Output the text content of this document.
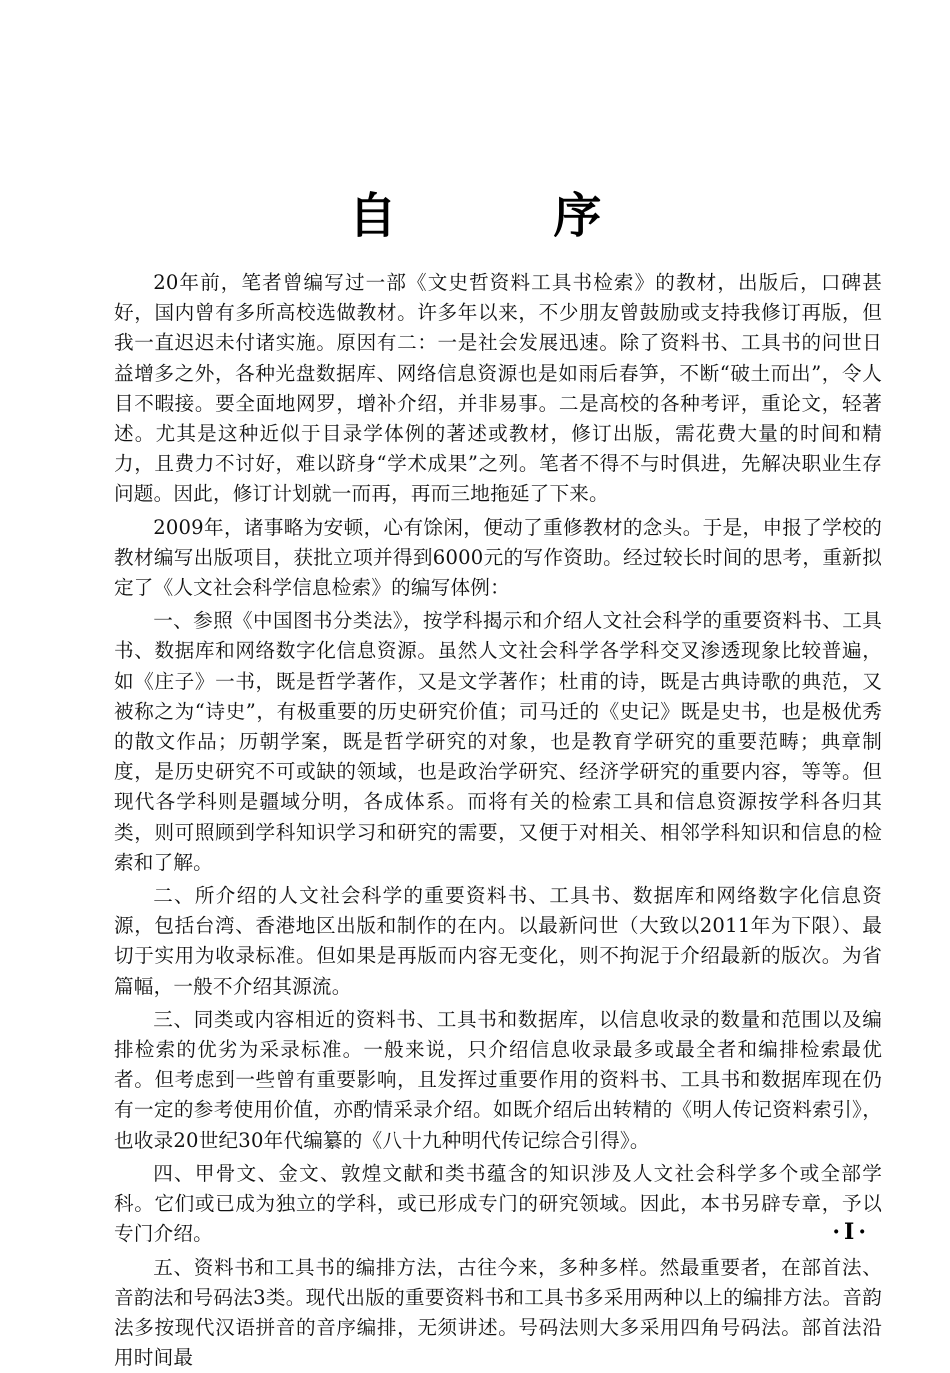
自 序

20年前，笔者曾编写过一部《文史哲资料工具书检索》的教材，出版后，口碑甚好，国内曾有多所高校选做教材。许多年以来，不少朋友曾鼓励或支持我修订再版，但我一直迟迟未付诸实施。原因有二：一是社会发展迅速。除了资料书、工具书的问世日益增多之外，各种光盘数据库、网络信息资源也是如雨后春笋，不断“破土而出”，令人目不暇接。要全面地网罗，增补介绍，并非易事。二是高校的各种考评，重论文，轻著述。尤其是这种近似于目录学体例的著述或教材，修订出版，需花费大量的时间和精力，且费力不讨好，难以跻身“学术成果”之列。笔者不得不与时俱进，先解决职业生存问题。因此，修订计划就一而再，再而三地拖延了下来。

2009年，诸事略为安顿，心有馀闲，便动了重修教材的念头。于是，申报了学校的教材编写出版项目，获批立项并得到6000元的写作资助。经过较长时间的思考，重新拟定了《人文社会科学信息检索》的编写体例：

一、参照《中国图书分类法》，按学科揭示和介绍人文社会科学的重要资料书、工具书、数据库和网络数字化信息资源。虽然人文社会科学各学科交叉渗透现象比较普遍，如《庄子》一书，既是哲学著作，又是文学著作；杜甫的诗，既是古典诗歌的典范，又被称之为“诗史”，有极重要的历史研究价值；司马迁的《史记》既是史书，也是极优秀的散文作品；历朝学案，既是哲学研究的对象，也是教育学研究的重要范畴；典章制度，是历史研究不可或缺的领域，也是政治学研究、经济学研究的重要内容，等等。但现代各学科则是疆域分明，各成体系。而将有关的检索工具和信息资源按学科各归其类，则可照顾到学科知识学习和研究的需要，又便于对相关、相邻学科知识和信息的检索和了解。

二、所介绍的人文社会科学的重要资料书、工具书、数据库和网络数字化信息资源，包括台湾、香港地区出版和制作的在内。以最新问世（大致以2011年为下限）、最切于实用为收录标准。但如果是再版而内容无变化，则不拘泥于介绍最新的版次。为省篇幅，一般不介绍其源流。

三、同类或内容相近的资料书、工具书和数据库，以信息收录的数量和范围以及编排检索的优劣为采录标准。一般来说，只介绍信息收录最多或最全者和编排检索最优者。但考虑到一些曾有重要影响，且发挥过重要作用的资料书、工具书和数据库现在仍有一定的参考使用价值，亦酌情采录介绍。如既介绍后出转精的《明人传记资料索引》，也收录20世纪30年代编纂的《八十九种明代传记综合引得》。

四、甲骨文、金文、敦煌文献和类书蕴含的知识涉及人文社会科学多个或全部学科。它们或已成为独立的学科，或已形成专门的研究领域。因此，本书另辟专章，予以专门介绍。

五、资料书和工具书的编排方法，古往今来，多种多样。然最重要者，在部首法、音韵法和号码法3类。现代出版的重要资料书和工具书多采用两种以上的编排方法。音韵法多按现代汉语拼音的音序编排，无须讲述。号码法则大多采用四角号码法。部首法沿用时间最

·Ⅰ·
